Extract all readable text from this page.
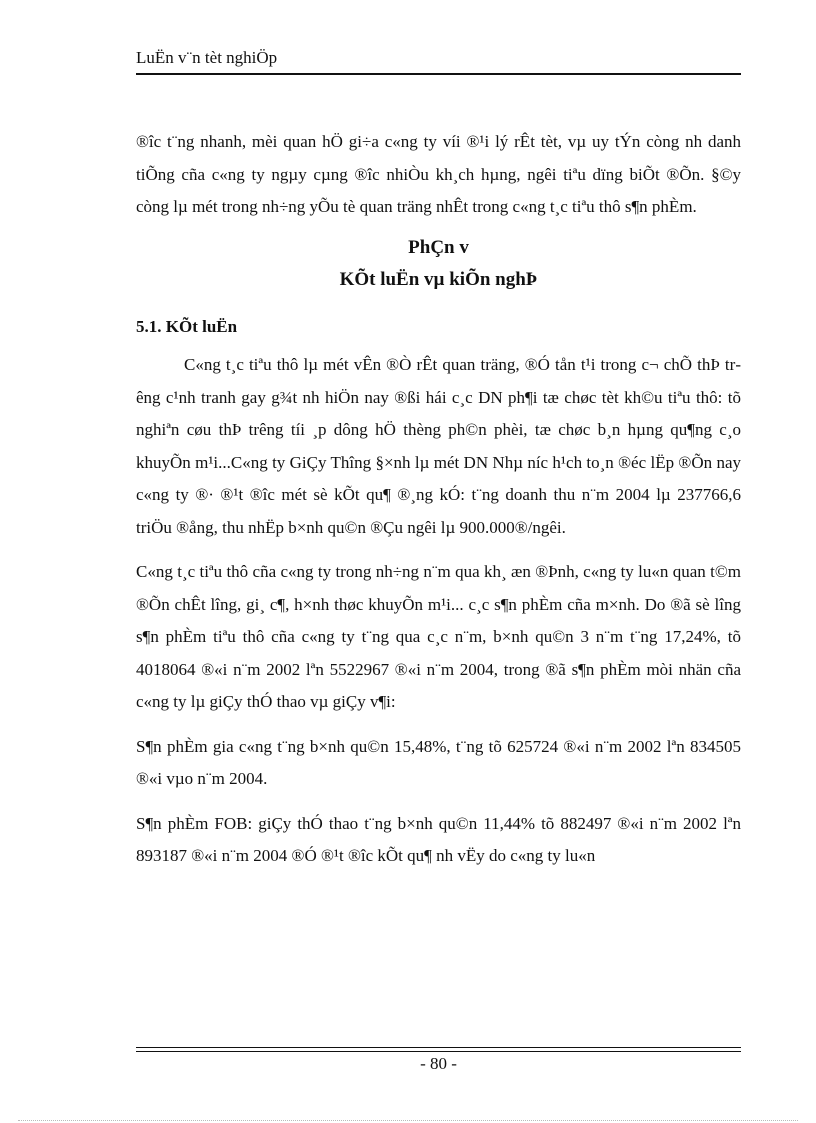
LuËn v¨n tèt nghiÖp

®îc t¨ng nhanh, mèi quan hÖ gi÷a c«ng ty víi ®¹i lý rÊt tèt, vµ uy tÝn còng nh danh tiÕng cña c«ng ty ngµy cµng ®îc nhiÒu kh¸ch hµng, ngêi tiªu dïng biÕt ®Õn. §©y còng lµ mét trong nh÷ng yÕu tè quan träng nhÊt trong c«ng t¸c tiªu thô s¶n phÈm.

PhÇn v
KÕt luËn vµ kiÕn nghÞ
5.1. KÕt luËn

C«ng t¸c tiªu thô lµ mét vÊn ®Ò rÊt quan träng, ®Ó tån t¹i trong c¬ chÕ thÞ trêng c¹nh tranh gay g¾t nh hiÖn nay ®ßi hái c¸c DN ph¶i tæ chøc tèt kh©u tiªu thô: tõ nghiªn cøu thÞ trêng tíi ¸p dông hÖ thèng ph©n phèi, tæ chøc b¸n hµng qu¶ng c¸o khuyÕn m¹i...C«ng ty GiÇy Thîng §×nh lµ mét DN Nhµ níc h¹ch to¸n ®éc lËp ®Õn nay c«ng ty ®· ®¹t ®îc mét sè kÕt qu¶ ®¸ng kÓ: t¨ng doanh thu n¨m 2004 lµ 237766,6 triÖu ®ång, thu nhËp b×nh qu©n ®Çu ngêi lµ 900.000®/ngêi.

C«ng t¸c tiªu thô cña c«ng ty trong nh÷ng n¨m qua kh¸ æn ®Þnh, c«ng ty lu«n quan t©m ®Õn chÊt lîng, gi¸ c¶, h×nh thøc khuyÕn m¹i... c¸c s¶n phÈm cña m×nh. Do ®ã sè lîng s¶n phÈm tiªu thô cña c«ng ty t¨ng qua c¸c n¨m, b×nh qu©n 3 n¨m t¨ng 17,24%, tõ 4018064 ®«i n¨m 2002 lªn 5522967 ®«i n¨m 2004, trong ®ã s¶n phÈm mòi nhän cña c«ng ty lµ giÇy thÓ thao vµ giÇy v¶i:

S¶n phÈm gia c«ng t¨ng b×nh qu©n 15,48%, t¨ng tõ 625724 ®«i n¨m 2002 lªn 834505 ®«i vµo n¨m 2004.

S¶n phÈm FOB: giÇy thÓ thao t¨ng b×nh qu©n 11,44% tõ 882497 ®«i n¨m 2002 lªn 893187 ®«i n¨m 2004 ®Ó ®¹t ®îc kÕt qu¶ nh vËy do c«ng ty lu«n

- 80 -
